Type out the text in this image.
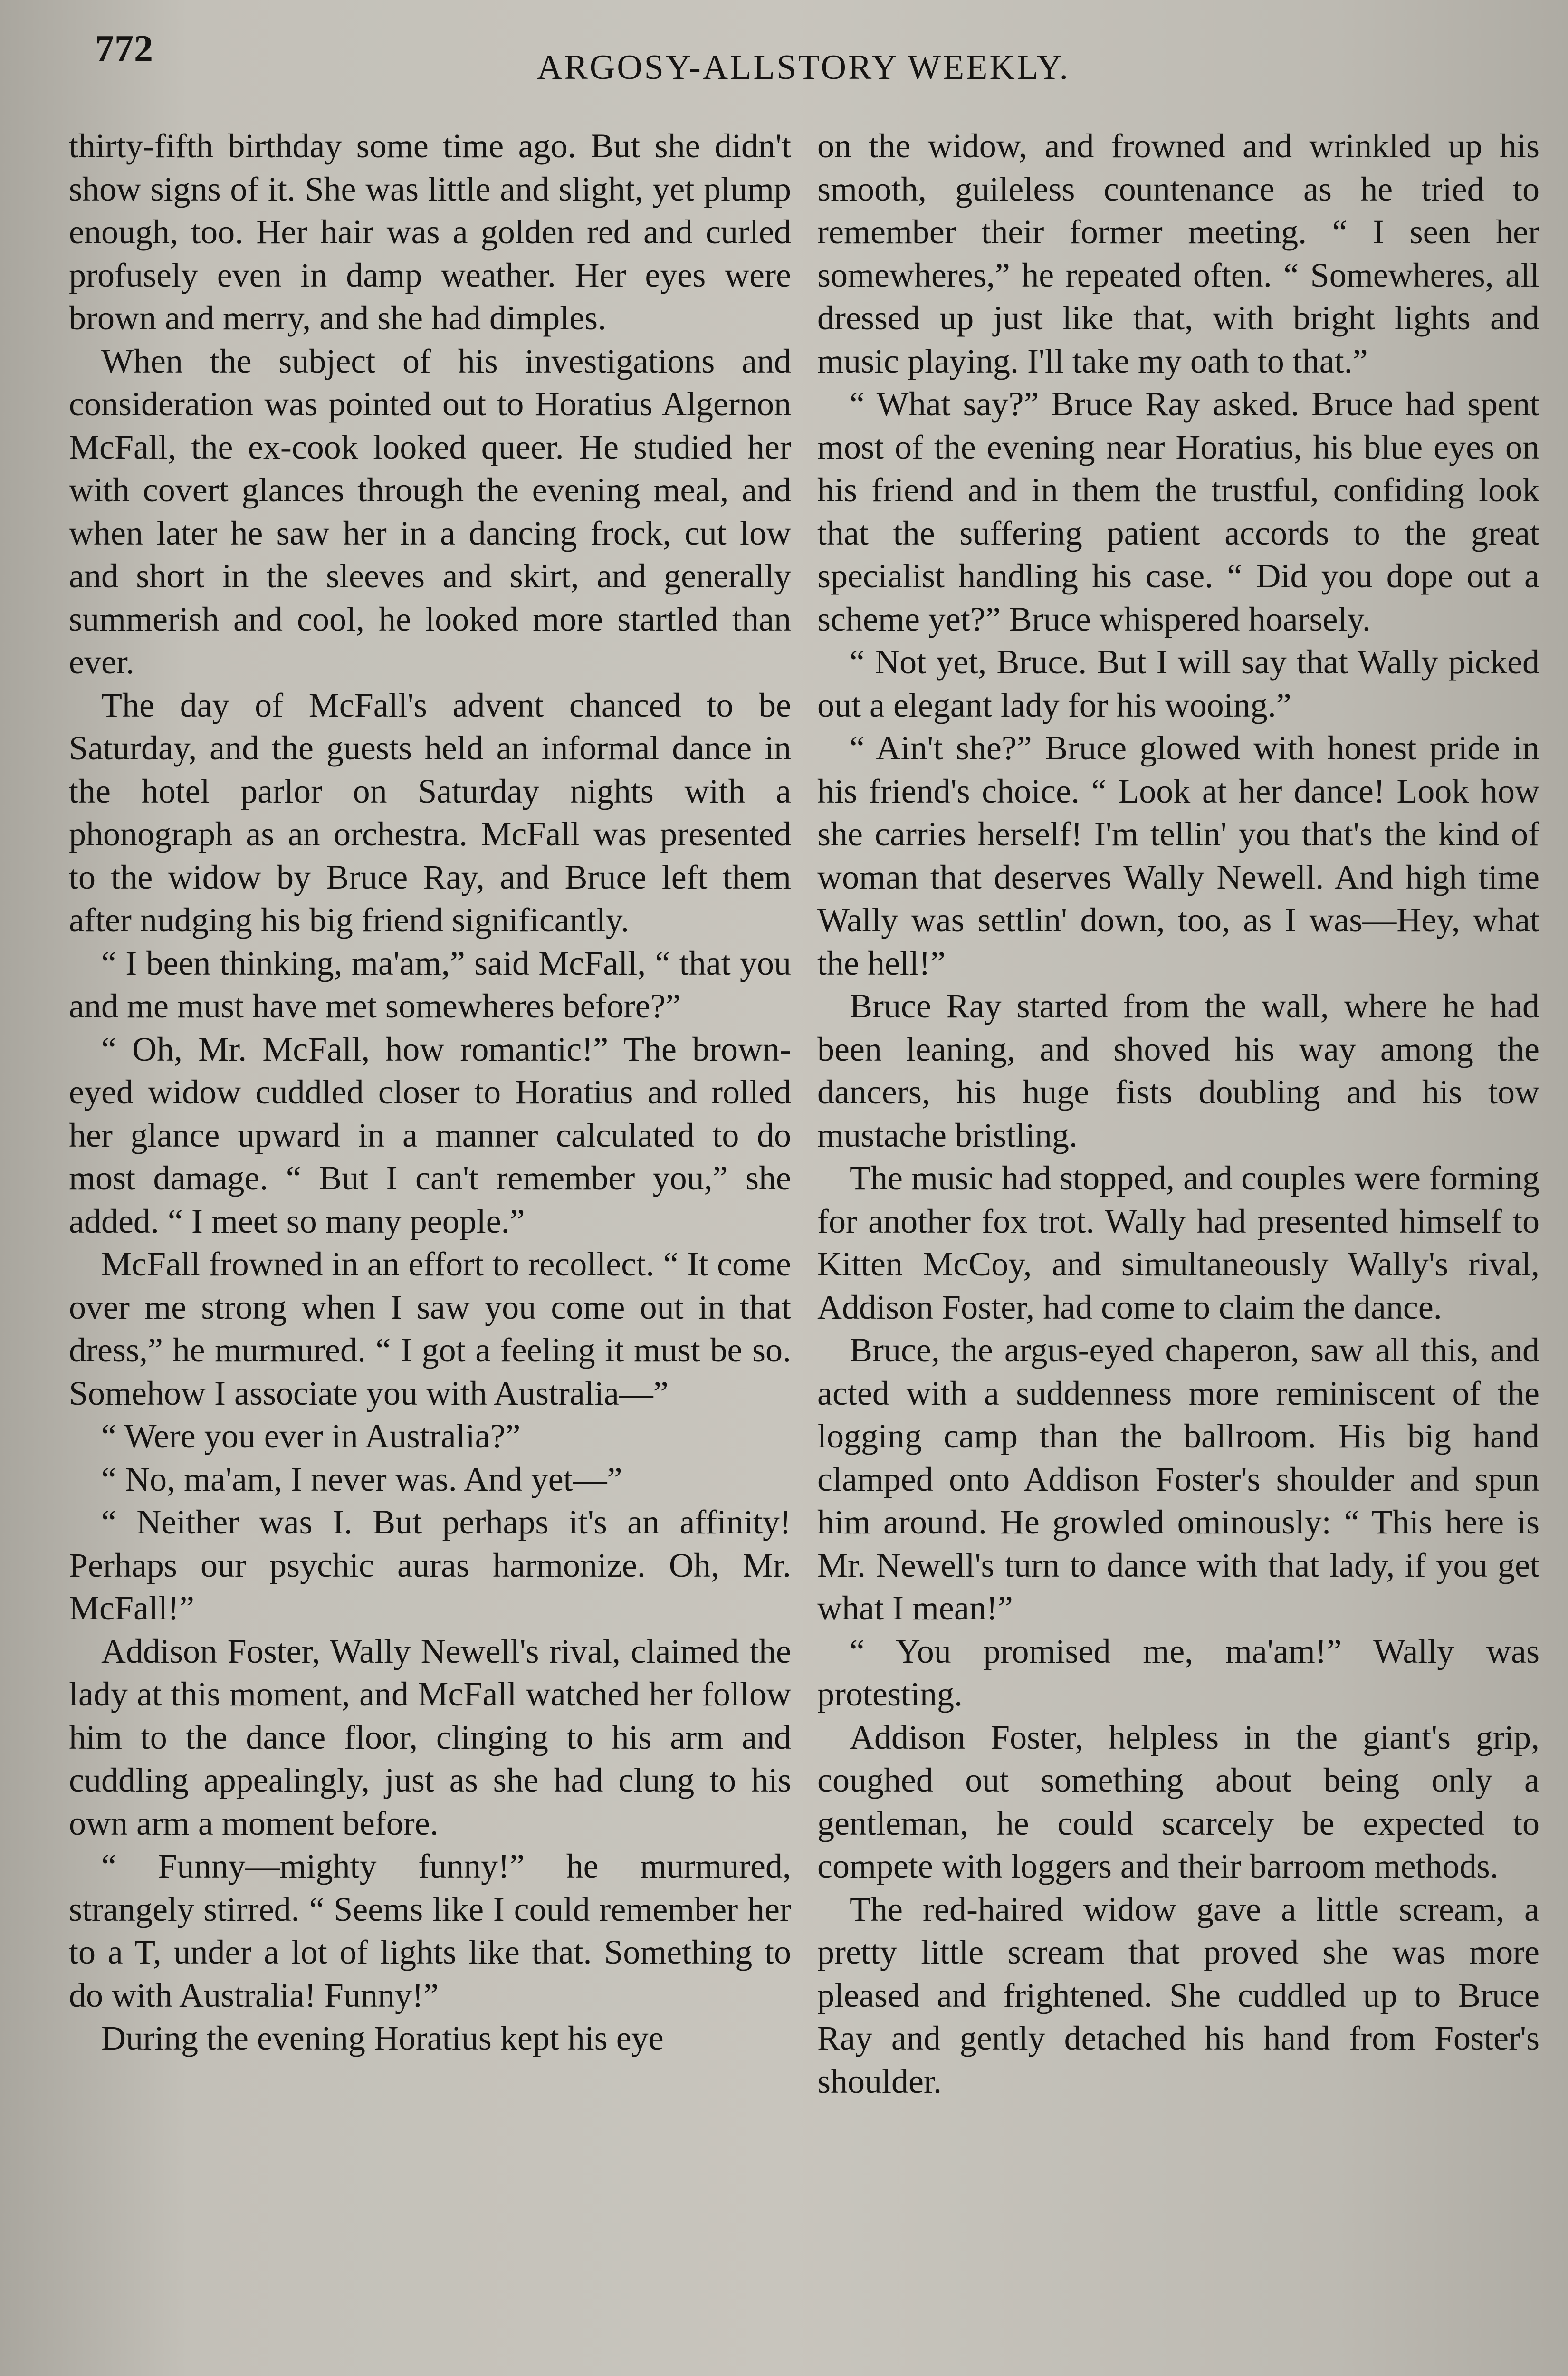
772	ARGOSY-ALLSTORY WEEKLY.

thirty-fifth birthday some time ago. But she didn't show signs of it. She was little and slight, yet plump enough, too. Her hair was a golden red and curled profusely even in damp weather. Her eyes were brown and merry, and she had dimples.

When the subject of his investigations and consideration was pointed out to Horatius Algernon McFall, the ex-cook looked queer. He studied her with covert glances through the evening meal, and when later he saw her in a dancing frock, cut low and short in the sleeves and skirt, and generally summerish and cool, he looked more startled than ever.

The day of McFall's advent chanced to be Saturday, and the guests held an informal dance in the hotel parlor on Saturday nights with a phonograph as an orchestra. McFall was presented to the widow by Bruce Ray, and Bruce left them after nudging his big friend significantly.

“ I been thinking, ma'am,” said McFall, “ that you and me must have met somewheres before?”

“ Oh, Mr. McFall, how romantic!” The brown-eyed widow cuddled closer to Horatius and rolled her glance upward in a manner calculated to do most damage. “ But I can't remember you,” she added. “ I meet so many people.”

McFall frowned in an effort to recollect. “ It come over me strong when I saw you come out in that dress,” he murmured. “ I got a feeling it must be so. Somehow I associate you with Australia—”

“ Were you ever in Australia?”

“ No, ma'am, I never was. And yet—”

“ Neither was I. But perhaps it's an affinity! Perhaps our psychic auras harmonize. Oh, Mr. McFall!”

Addison Foster, Wally Newell's rival, claimed the lady at this moment, and McFall watched her follow him to the dance floor, clinging to his arm and cuddling appealingly, just as she had clung to his own arm a moment before.

“ Funny—mighty funny!” he murmured, strangely stirred. “ Seems like I could remember her to a T, under a lot of lights like that. Something to do with Australia! Funny!”

During the evening Horatius kept his eye

on the widow, and frowned and wrinkled up his smooth, guileless countenance as he tried to remember their former meeting. “ I seen her somewheres,” he repeated often. “ Somewheres, all dressed up just like that, with bright lights and music playing. I'll take my oath to that.”

“ What say?” Bruce Ray asked. Bruce had spent most of the evening near Horatius, his blue eyes on his friend and in them the trustful, confiding look that the suffering patient accords to the great specialist handling his case. “ Did you dope out a scheme yet?” Bruce whispered hoarsely.

“ Not yet, Bruce. But I will say that Wally picked out a elegant lady for his wooing.”

“ Ain't she?” Bruce glowed with honest pride in his friend's choice. “ Look at her dance! Look how she carries herself! I'm tellin' you that's the kind of woman that deserves Wally Newell. And high time Wally was settlin' down, too, as I was—Hey, what the hell!”

Bruce Ray started from the wall, where he had been leaning, and shoved his way among the dancers, his huge fists doubling and his tow mustache bristling.

The music had stopped, and couples were forming for another fox trot. Wally had presented himself to Kitten McCoy, and simultaneously Wally's rival, Addison Foster, had come to claim the dance.

Bruce, the argus-eyed chaperon, saw all this, and acted with a suddenness more reminiscent of the logging camp than the ballroom. His big hand clamped onto Addison Foster's shoulder and spun him around. He growled ominously: “ This here is Mr. Newell's turn to dance with that lady, if you get what I mean!”

“ You promised me, ma'am!” Wally was protesting.

Addison Foster, helpless in the giant's grip, coughed out something about being only a gentleman, he could scarcely be expected to compete with loggers and their barroom methods.

The red-haired widow gave a little scream, a pretty little scream that proved she was more pleased and frightened. She cuddled up to Bruce Ray and gently detached his hand from Foster's shoulder.
